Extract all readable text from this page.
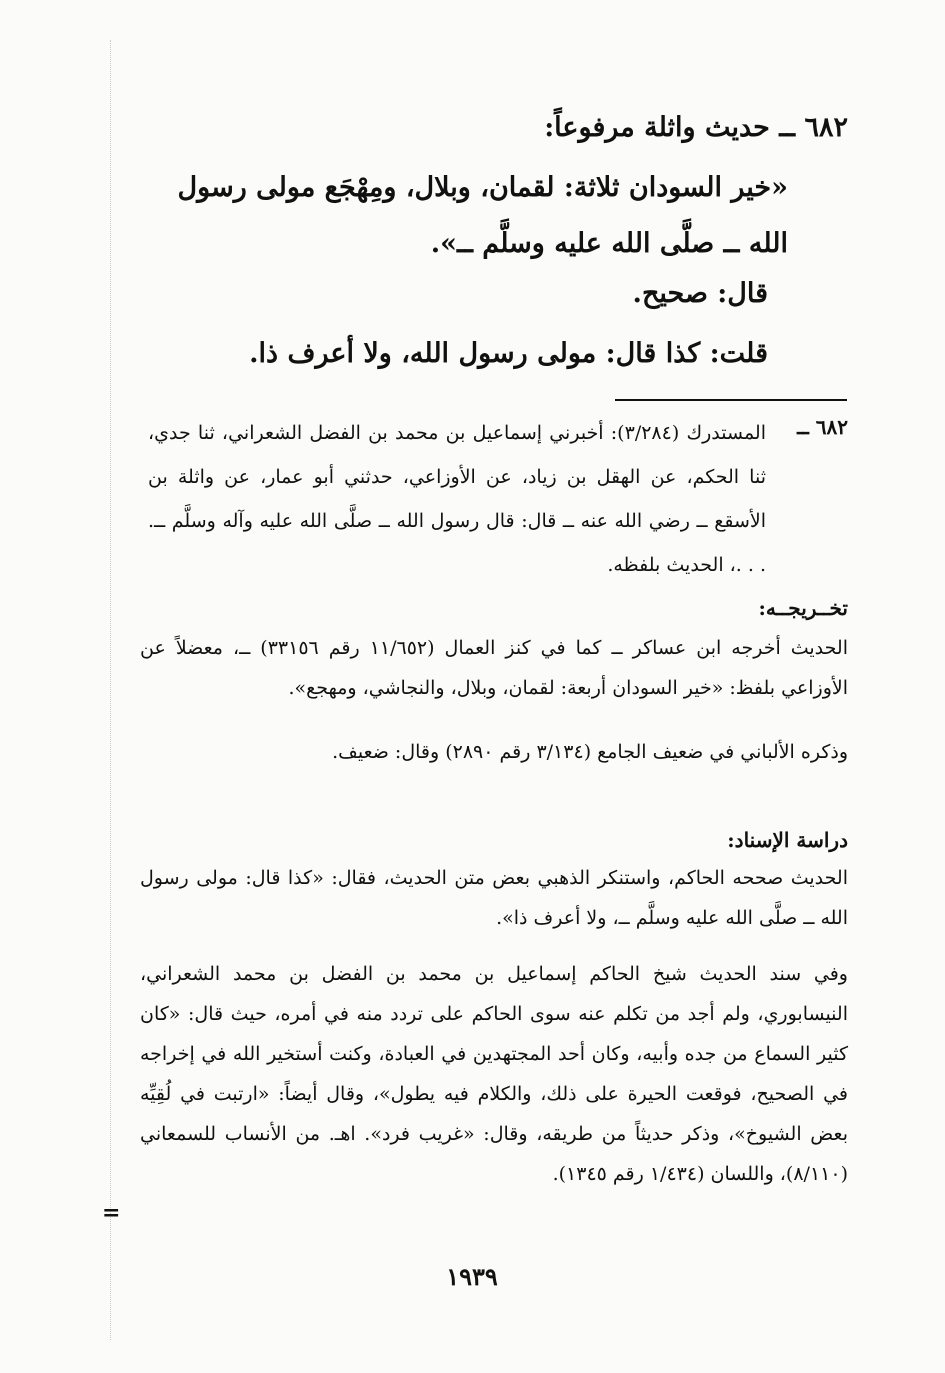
٦٨٢ ــ حديث واثلة مرفوعاً:
«خير السودان ثلاثة: لقمان، وبلال، ومِهْجَع مولى رسول الله ــ صلَّى الله عليه وسلَّم ــ».
قال: صحيح.
قلت: كذا قال: مولى رسول الله، ولا أعرف ذا.
٦٨٢ ــ
المستدرك (٣/٢٨٤): أخبرني إسماعيل بن محمد بن الفضل الشعراني، ثنا جدي، ثنا الحكم، عن الهقل بن زياد، عن الأوزاعي، حدثني أبو عمار، عن واثلة بن الأسقع ــ رضي الله عنه ــ قال: قال رسول الله ــ صلَّى الله عليه وآله وسلَّم ــ. . . .، الحديث بلفظه.
تخــريجــه:
الحديث أخرجه ابن عساكر ــ كما في كنز العمال (١١/٦٥٢ رقم ٣٣١٥٦) ــ، معضلاً عن الأوزاعي بلفظ: «خير السودان أربعة: لقمان، وبلال، والنجاشي، ومهجع».
وذكره الألباني في ضعيف الجامع (٣/١٣٤ رقم ٢٨٩٠) وقال: ضعيف.
دراسة الإسناد:
الحديث صححه الحاكم، واستنكر الذهبي بعض متن الحديث، فقال: «كذا قال: مولى رسول الله ــ صلَّى الله عليه وسلَّم ــ، ولا أعرف ذا».
وفي سند الحديث شيخ الحاكم إسماعيل بن محمد بن الفضل بن محمد الشعراني، النيسابوري، ولم أجد من تكلم عنه سوى الحاكم على تردد منه في أمره، حيث قال: «كان كثير السماع من جده وأبيه، وكان أحد المجتهدين في العبادة، وكنت أستخير الله في إخراجه في الصحيح، فوقعت الحيرة على ذلك، والكلام فيه يطول»، وقال أيضاً: «ارتبت في لُقِيِّه بعض الشيوخ»، وذكر حديثاً من طريقه، وقال: «غريب فرد». اهـ. من الأنساب للسمعاني (٨/١١٠)، واللسان (١/٤٣٤ رقم ١٣٤٥).
=
١٩٣٩
